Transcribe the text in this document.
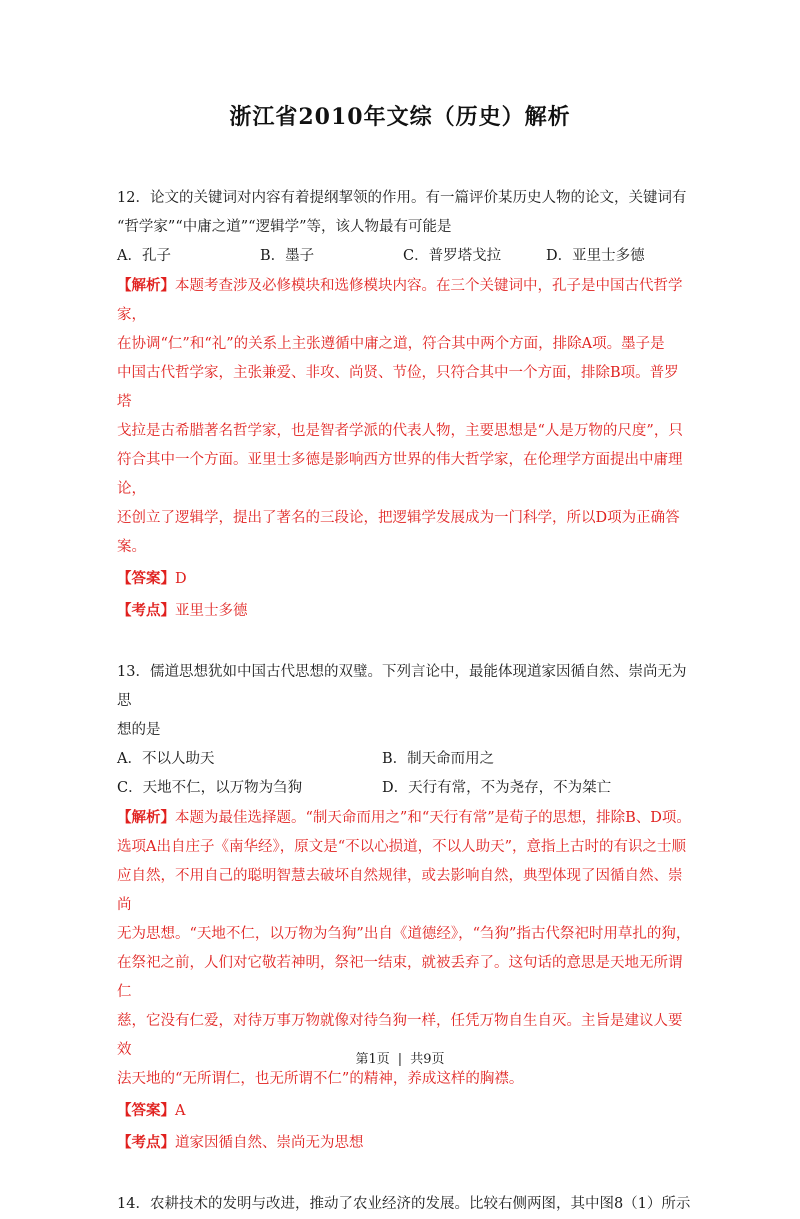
浙江省2010年文综（历史）解析
12．论文的关键词对内容有着提纲挈领的作用。有一篇评价某历史人物的论文，关键词有
“哲学家”“中庸之道”“逻辑学”等，该人物最有可能是
A．孔子	B．墨子	C．普罗塔戈拉	D．亚里士多德
【解析】本题考查涉及必修模块和选修模块内容。在三个关键词中，孔子是中国古代哲学家，
在协调“仁”和“礼”的关系上主张遵循中庸之道，符合其中两个方面，排除A项。墨子是
中国古代哲学家，主张兼爱、非攻、尚贤、节俭，只符合其中一个方面，排除B项。普罗塔
戈拉是古希腊著名哲学家，也是智者学派的代表人物，主要思想是“人是万物的尺度”，只
符合其中一个方面。亚里士多德是影响西方世界的伟大哲学家，在伦理学方面提出中庸理论，
还创立了逻辑学，提出了著名的三段论，把逻辑学发展成为一门科学，所以D项为正确答案。
【答案】D
【考点】亚里士多德
13．儒道思想犹如中国古代思想的双璧。下列言论中，最能体现道家因循自然、崇尚无为思
想的是
A．不以人助天	B．制天命而用之
C．天地不仁，以万物为刍狗	D．天行有常，不为尧存，不为桀亡
【解析】本题为最佳选择题。“制天命而用之”和“天行有常”是荀子的思想，排除B、D项。
选项A出自庄子《南华经》，原文是“不以心损道，不以人助天”，意指上古时的有识之士顺
应自然，不用自己的聪明智慧去破坏自然规律，或去影响自然，典型体现了因循自然、崇尚
无为思想。“天地不仁，以万物为刍狗”出自《道德经》，“刍狗”指古代祭祀时用草扎的狗，
在祭祀之前，人们对它敬若神明，祭祀一结束，就被丢弃了。这句话的意思是天地无所谓仁
慈，它没有仁爱，对待万事万物就像对待刍狗一样，任凭万物自生自灭。主旨是建议人要效
法天地的“无所谓仁，也无所谓不仁”的精神，养成这样的胸襟。
【答案】A
【考点】道家因循自然、崇尚无为思想
14．农耕技术的发明与改进，推动了农业经济的发展。比较右侧两图，其中图8（1）所示
第1页 | 共9页
